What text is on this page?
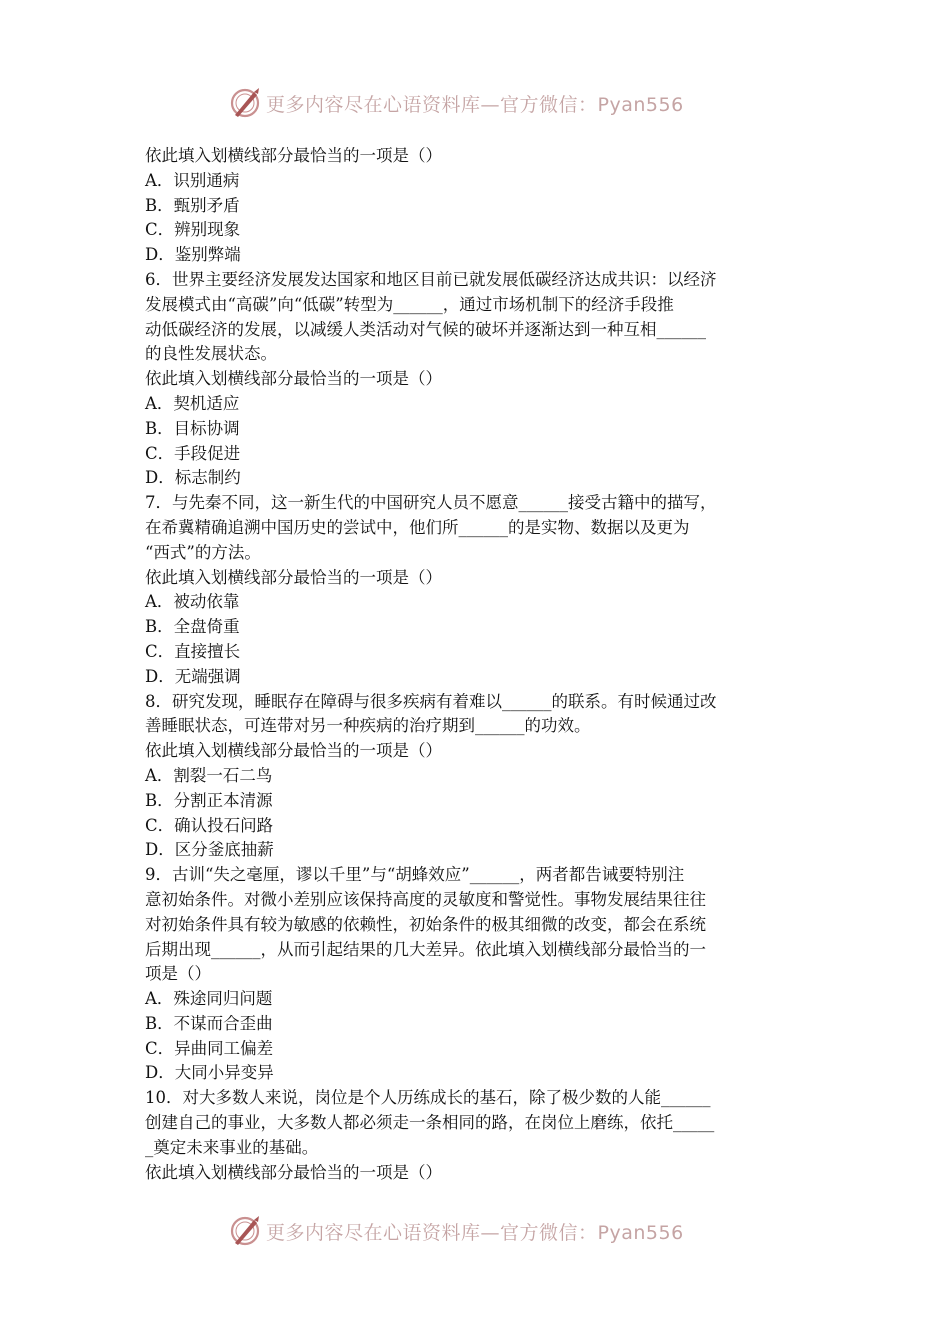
更多内容尽在心语资料库—官方微信：Pyan556
依此填入划横线部分最恰当的一项是（）
A．识别通病
B．甄别矛盾
C．辨别现象
D．鉴别弊端
6．世界主要经济发展发达国家和地区目前已就发展低碳经济达成共识：以经济
发展模式由“高碳”向“低碳”转型为______，通过市场机制下的经济手段推
动低碳经济的发展，以减缓人类活动对气候的破坏并逐渐达到一种互相______
的良性发展状态。
依此填入划横线部分最恰当的一项是（）
A．契机适应
B．目标协调
C．手段促进
D．标志制约
7．与先秦不同，这一新生代的中国研究人员不愿意______接受古籍中的描写，
在希冀精确追溯中国历史的尝试中，他们所______的是实物、数据以及更为
“西式”的方法。
依此填入划横线部分最恰当的一项是（）
A．被动依靠
B．全盘倚重
C．直接擅长
D．无端强调
8．研究发现，睡眠存在障碍与很多疾病有着难以______的联系。有时候通过改
善睡眠状态，可连带对另一种疾病的治疗期到______的功效。
依此填入划横线部分最恰当的一项是（）
A．割裂一石二鸟
B．分割正本清源
C．确认投石问路
D．区分釜底抽薪
9．古训“失之毫厘，谬以千里”与“胡蜂效应”______，两者都告诫要特别注
意初始条件。对微小差别应该保持高度的灵敏度和警觉性。事物发展结果往往
对初始条件具有较为敏感的依赖性，初始条件的极其细微的改变，都会在系统
后期出现______，从而引起结果的几大差异。依此填入划横线部分最恰当的一
项是（）
A．殊途同归问题
B．不谋而合歪曲
C．异曲同工偏差
D．大同小异变异
10．对大多数人来说，岗位是个人历练成长的基石，除了极少数的人能______
创建自己的事业，大多数人都必须走一条相同的路，在岗位上磨练，依托_____
_奠定未来事业的基础。
依此填入划横线部分最恰当的一项是（）
更多内容尽在心语资料库—官方微信：Pyan556
